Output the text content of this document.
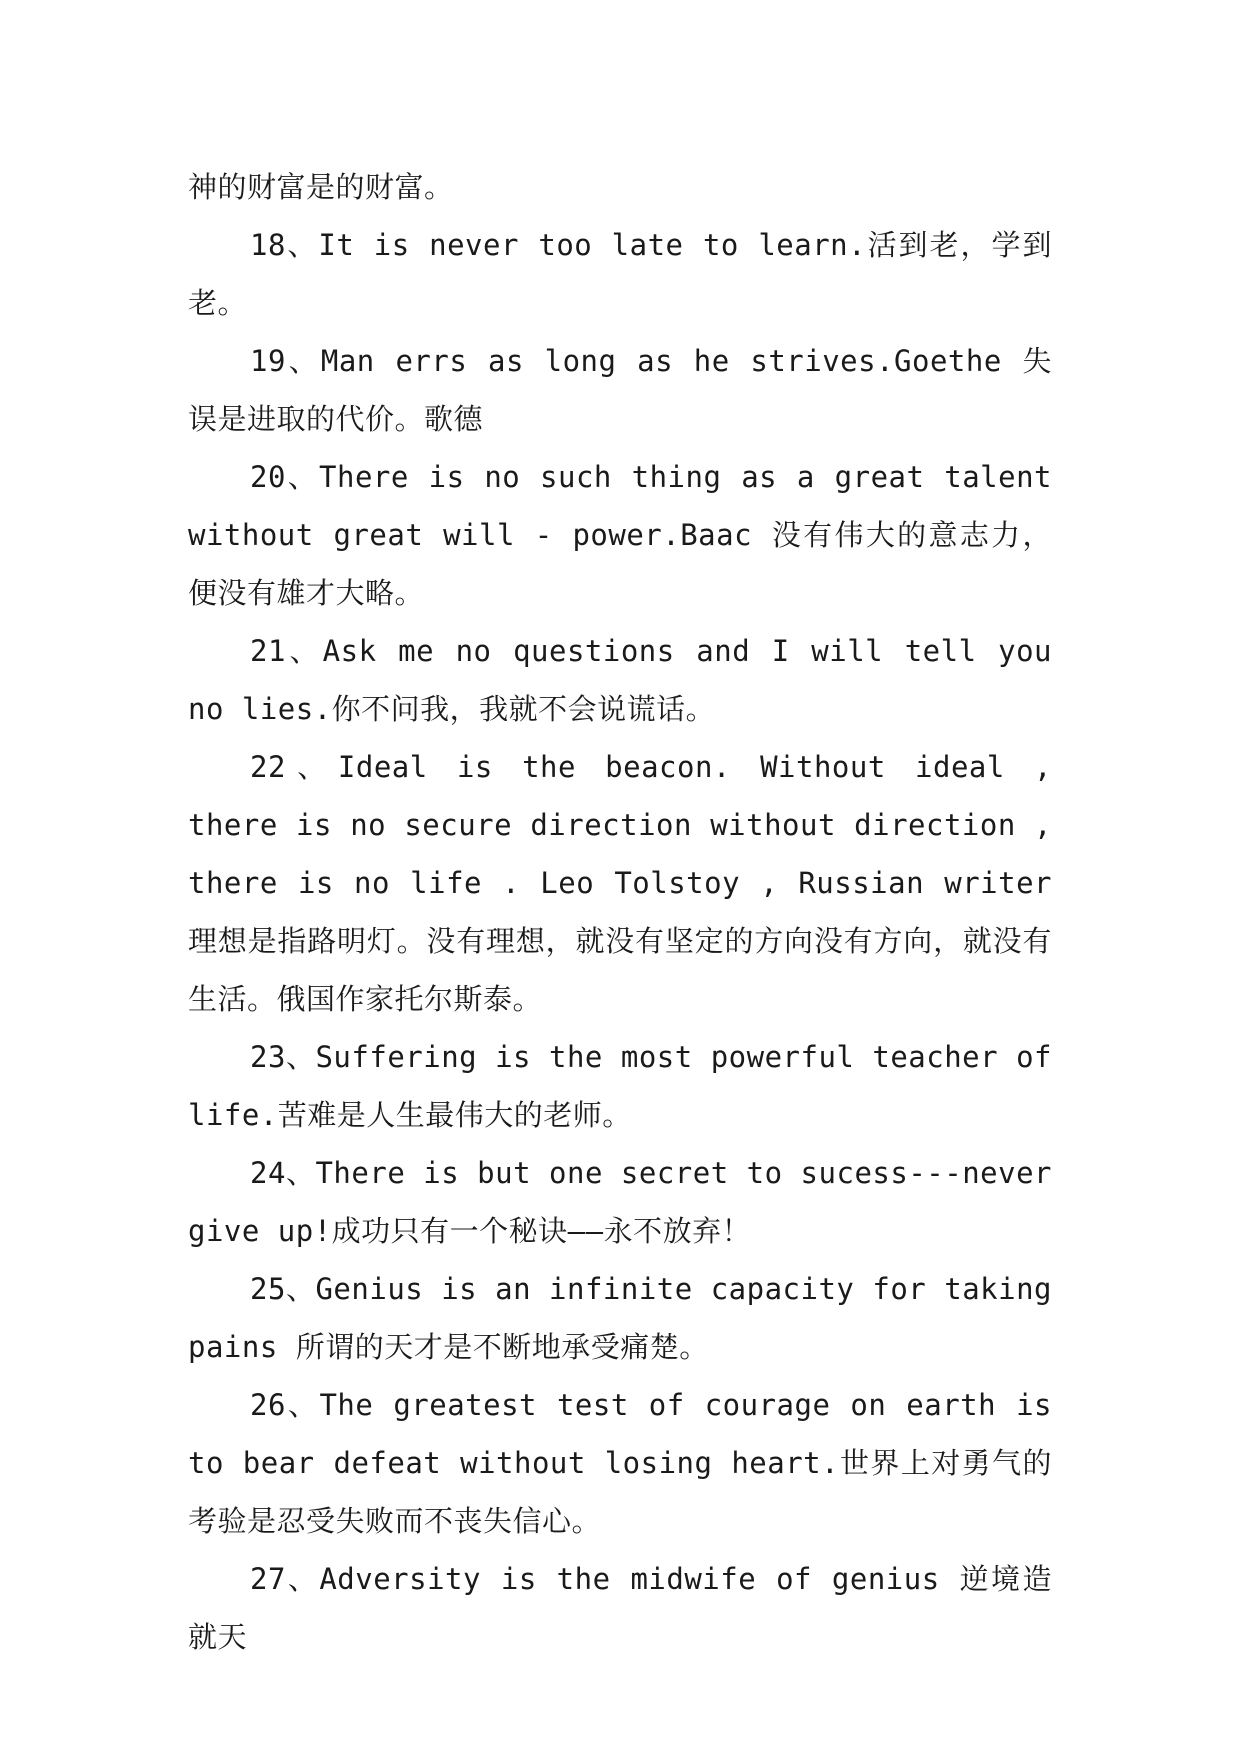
神的财富是的财富。

18、It is never too late to learn.活到老，学到老。

19、Man errs as long as he strives.Goethe 失误是进取的代价。歌德

20、There is no such thing as a great talent without great will - power.Baac 没有伟大的意志力，便没有雄才大略。

21、Ask me no questions and I will tell you no lies.你不问我，我就不会说谎话。

22、Ideal is the beacon. Without ideal , there is no secure direction without direction , there is no life . Leo Tolstoy , Russian writer 理想是指路明灯。没有理想，就没有坚定的方向没有方向，就没有生活。俄国作家托尔斯泰。

23、Suffering is the most powerful teacher of life.苦难是人生最伟大的老师。

24、There is but one secret to sucess---never give up!成功只有一个秘诀——永不放弃！

25、Genius is an infinite capacity for taking pains 所谓的天才是不断地承受痛楚。

26、The greatest test of courage on earth is to bear defeat without losing heart.世界上对勇气的考验是忍受失败而不丧失信心。

27、Adversity is the midwife of genius 逆境造就天
